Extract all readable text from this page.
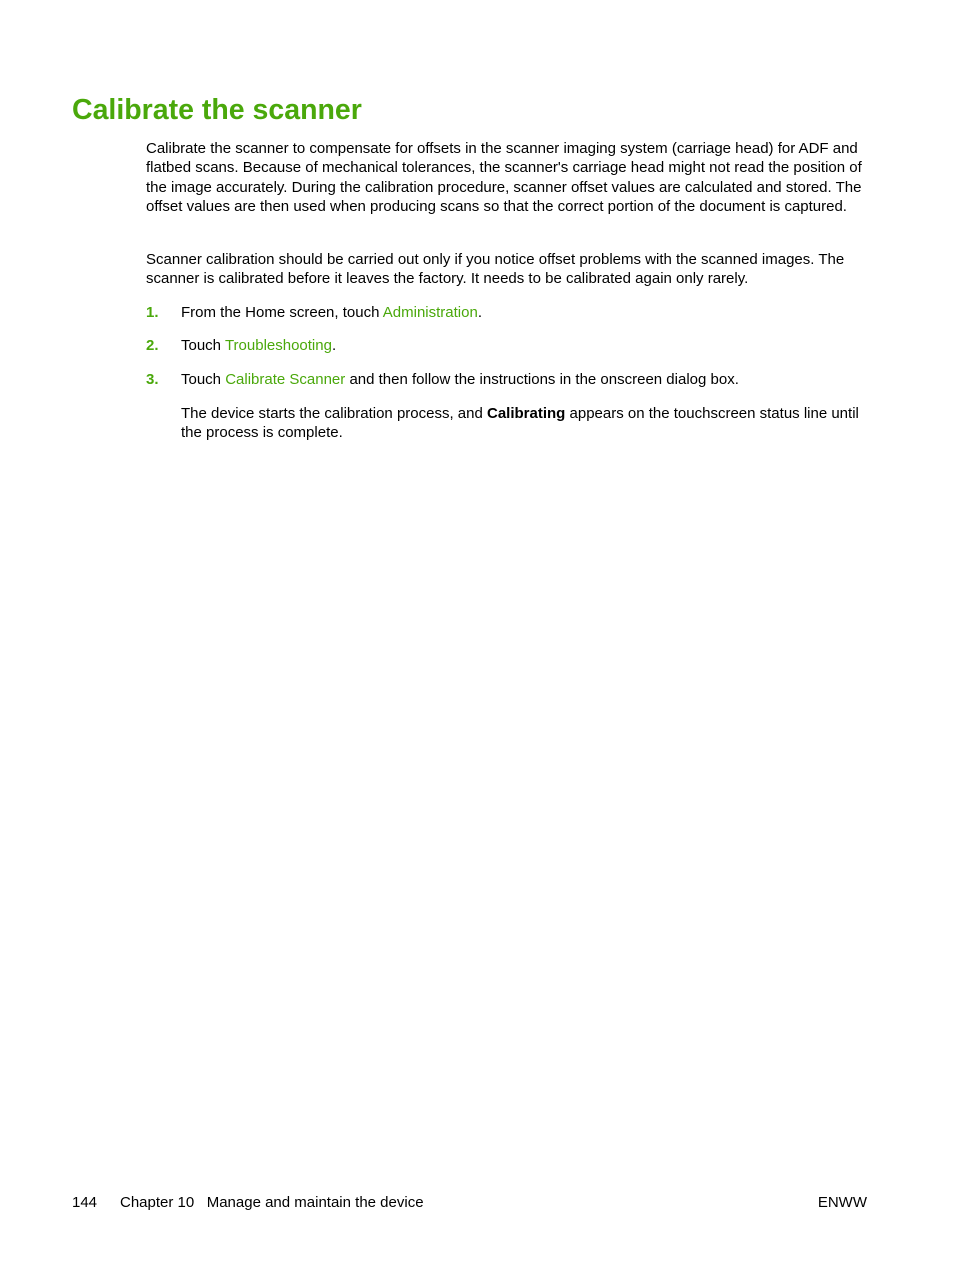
Calibrate the scanner

Calibrate the scanner to compensate for offsets in the scanner imaging system (carriage head) for ADF and flatbed scans. Because of mechanical tolerances, the scanner's carriage head might not read the position of the image accurately. During the calibration procedure, scanner offset values are calculated and stored. The offset values are then used when producing scans so that the correct portion of the document is captured.

Scanner calibration should be carried out only if you notice offset problems with the scanned images. The scanner is calibrated before it leaves the factory. It needs to be calibrated again only rarely.

1. From the Home screen, touch Administration.
2. Touch Troubleshooting.
3. Touch Calibrate Scanner and then follow the instructions in the onscreen dialog box.

The device starts the calibration process, and Calibrating appears on the touchscreen status line until the process is complete.

144 Chapter 10   Manage and maintain the device	ENWW
